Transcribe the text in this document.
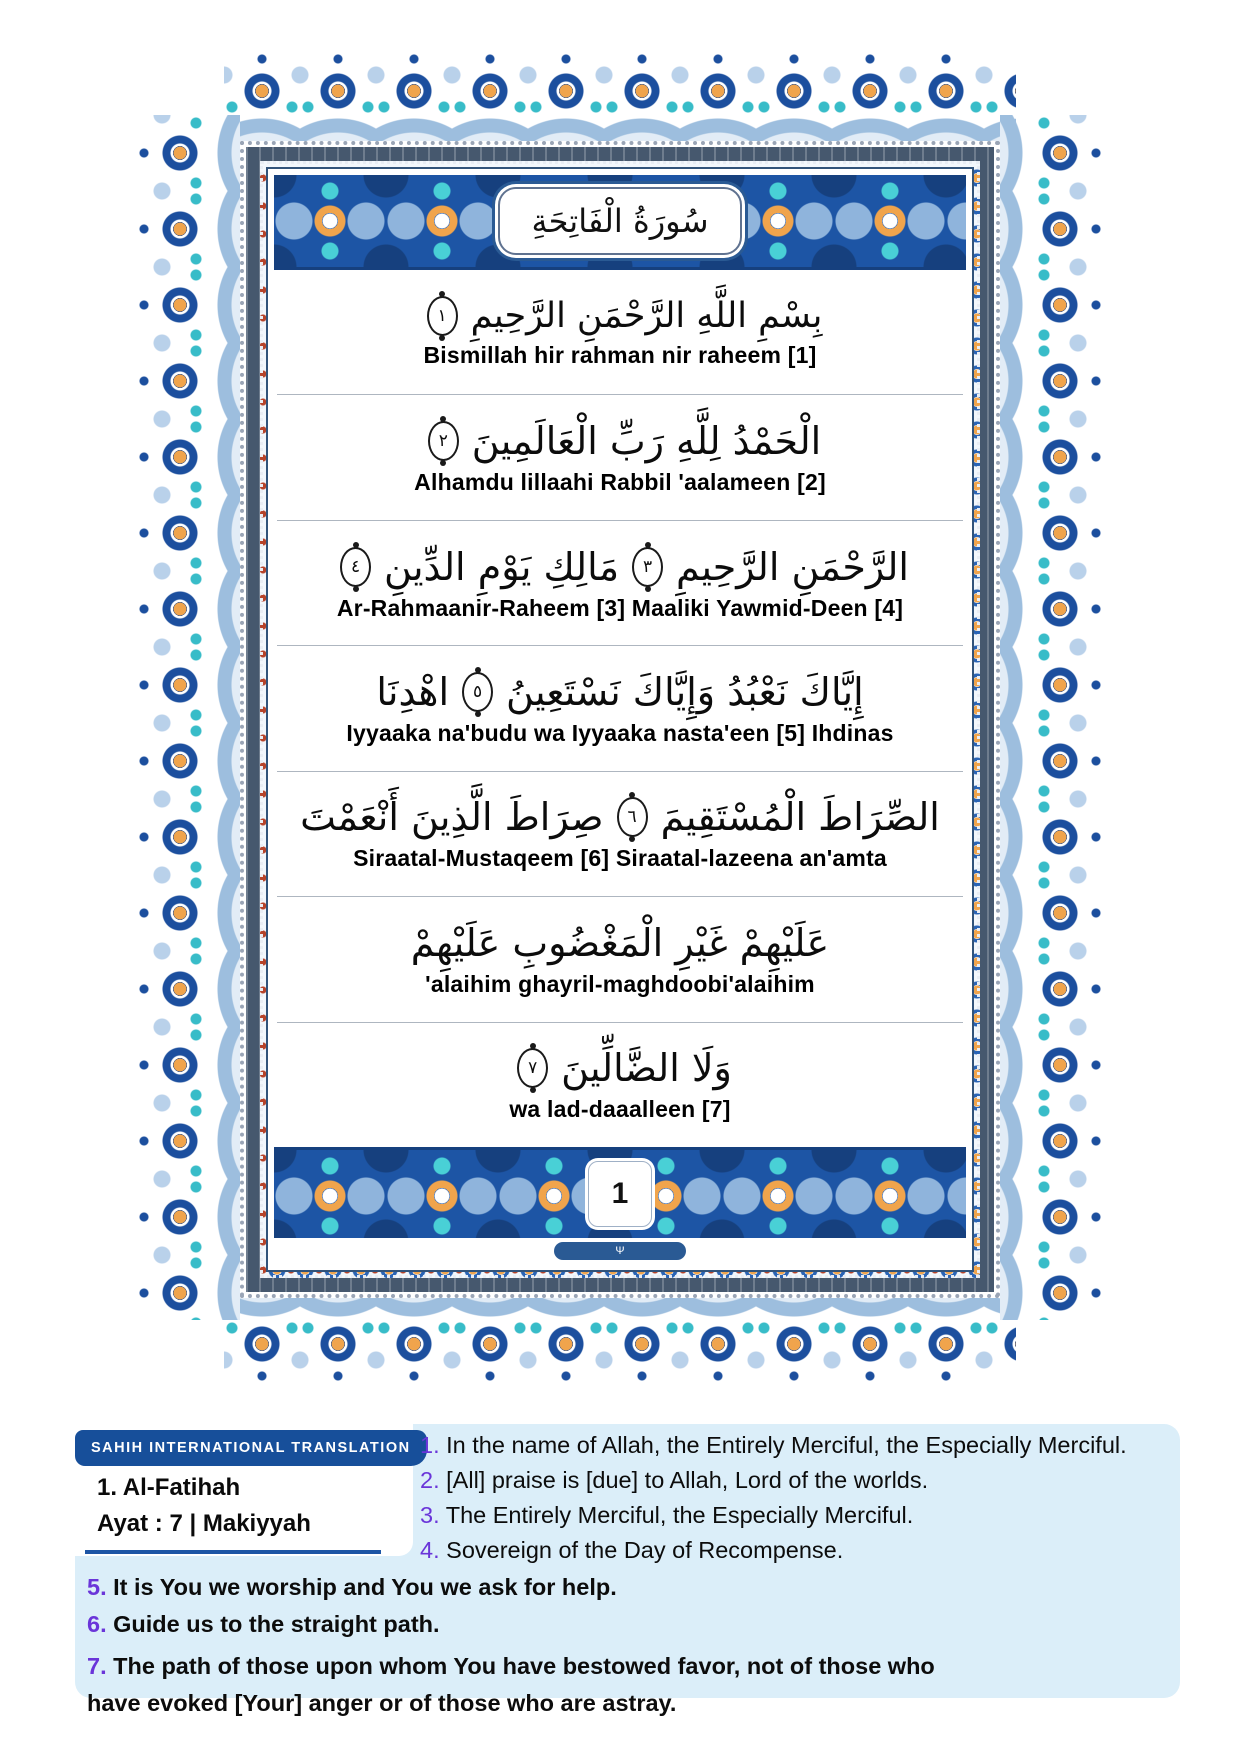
سُورَةُ الْفَاتِحَةِ
بِسْمِ اللَّهِ الرَّحْمَنِ الرَّحِيمِ
١
Bismillah hir rahman nir raheem [1]
الْحَمْدُ لِلَّهِ رَبِّ الْعَالَمِينَ
٢
Alhamdu lillaahi Rabbil 'aalameen [2]
الرَّحْمَنِ الرَّحِيمِ
٣
مَالِكِ يَوْمِ الدِّينِ
٤
Ar-Rahmaanir-Raheem [3] Maaliki Yawmid-Deen [4]
إِيَّاكَ نَعْبُدُ وَإِيَّاكَ نَسْتَعِينُ
٥
اهْدِنَا
Iyyaaka na'budu wa Iyyaaka nasta'een [5] Ihdinas
الصِّرَاطَ الْمُسْتَقِيمَ
٦
صِرَاطَ الَّذِينَ أَنْعَمْتَ
Siraatal-Mustaqeem [6] Siraatal-lazeena an'amta
عَلَيْهِمْ غَيْرِ الْمَغْضُوبِ عَلَيْهِمْ
'alaihim ghayril-maghdoobi'alaihim
وَلَا الضَّالِّينَ
٧
wa lad-daaalleen [7]
1
Ψ
SAHIH INTERNATIONAL TRANSLATION
1. Al-Fatihah
Ayat : 7 | Makiyyah
1. In the name of Allah, the Entirely Merciful, the Especially Merciful.
2. [All] praise is [due] to Allah, Lord of the worlds.
3. The Entirely Merciful, the Especially Merciful.
4. Sovereign of the Day of Recompense.
5. It is You we worship and You we ask for help.
6. Guide us to the straight path.
7. The path of those upon whom You have bestowed favor, not of those who have evoked [Your] anger or of those who are astray.
